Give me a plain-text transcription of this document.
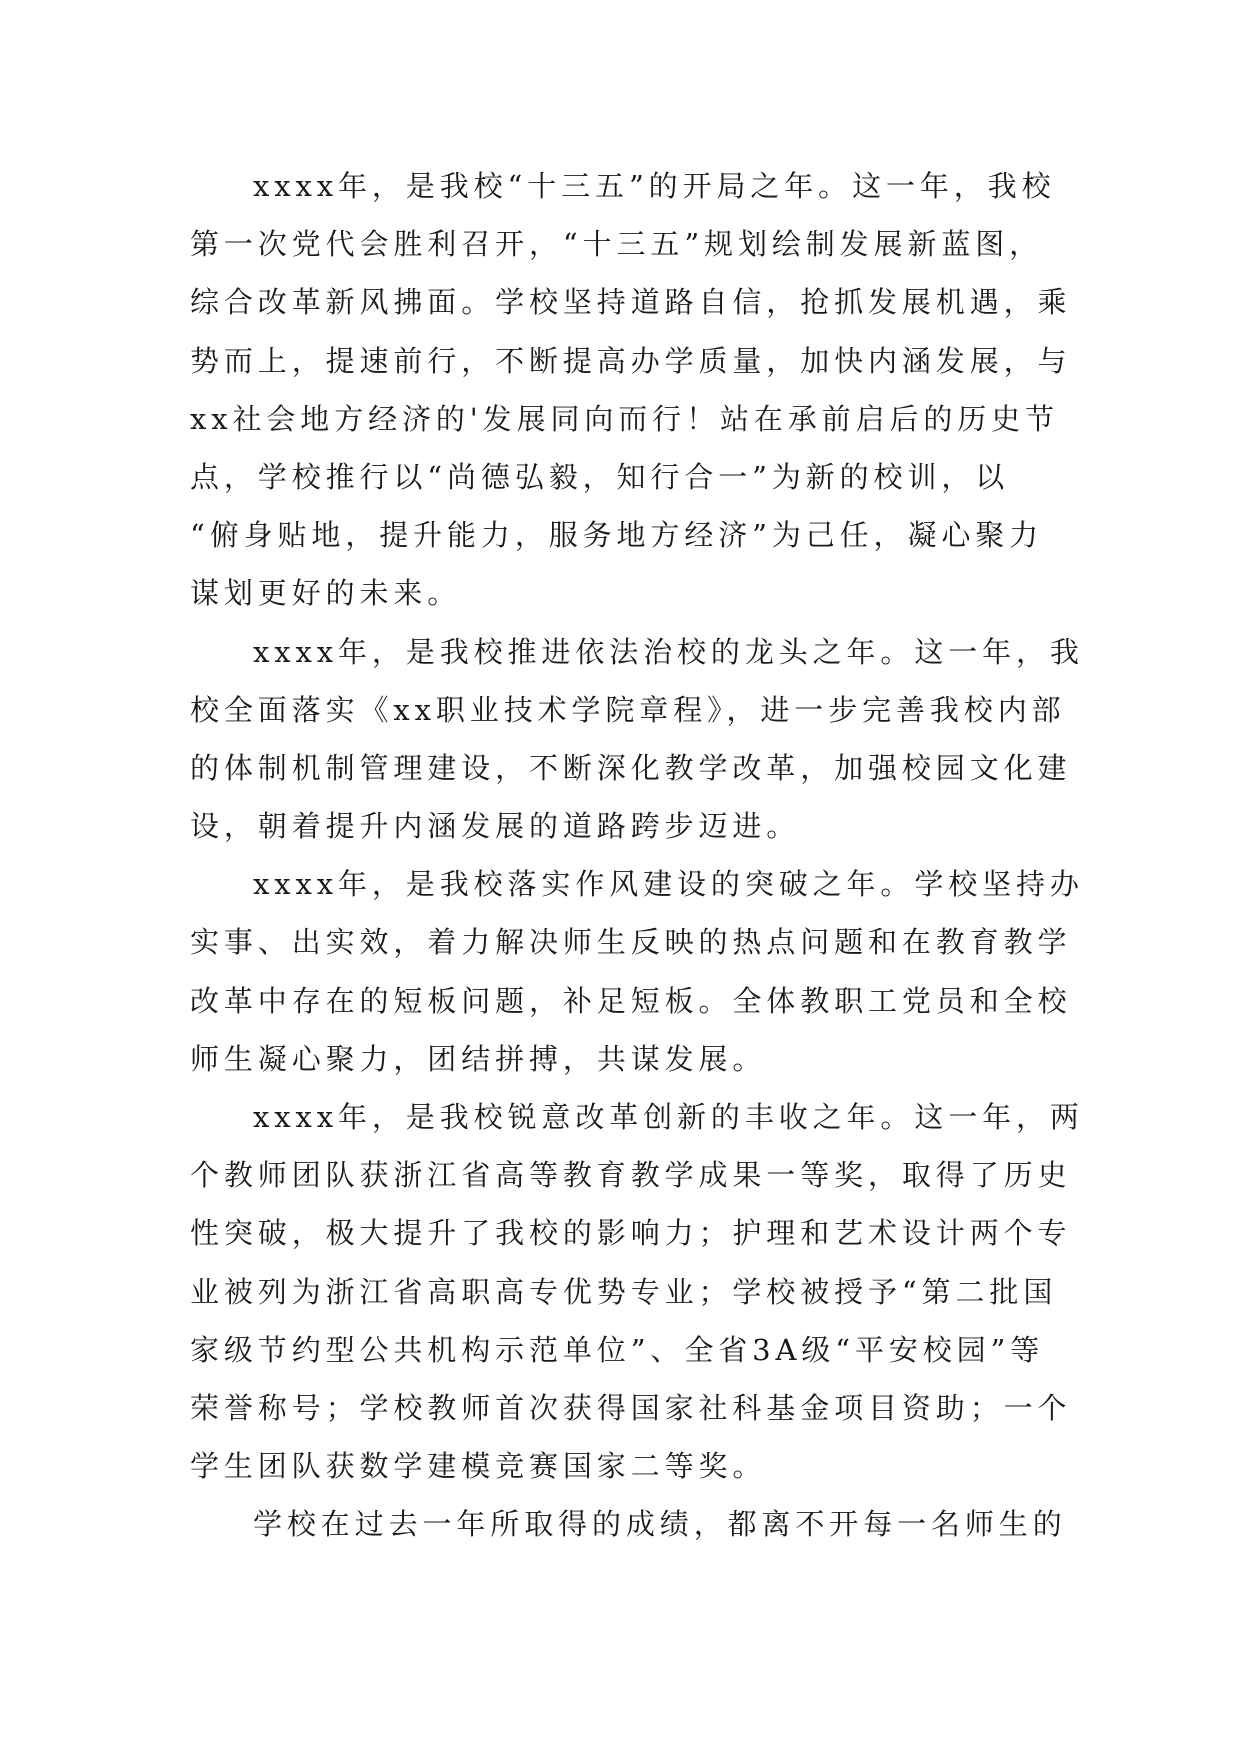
xxxx年，是我校“十三五”的开局之年。这一年，我校
第一次党代会胜利召开，“十三五”规划绘制发展新蓝图，
综合改革新风拂面。学校坚持道路自信，抢抓发展机遇，乘
势而上，提速前行，不断提高办学质量，加快内涵发展，与
xx社会地方经济的'发展同向而行！站在承前启后的历史节
点，学校推行以“尚德弘毅，知行合一”为新的校训，以
“俯身贴地，提升能力，服务地方经济”为己任，凝心聚力
谋划更好的未来。
xxxx年，是我校推进依法治校的龙头之年。这一年，我
校全面落实《xx职业技术学院章程》，进一步完善我校内部
的体制机制管理建设，不断深化教学改革，加强校园文化建
设，朝着提升内涵发展的道路跨步迈进。
xxxx年，是我校落实作风建设的突破之年。学校坚持办
实事、出实效，着力解决师生反映的热点问题和在教育教学
改革中存在的短板问题，补足短板。全体教职工党员和全校
师生凝心聚力，团结拼搏，共谋发展。
xxxx年，是我校锐意改革创新的丰收之年。这一年，两
个教师团队获浙江省高等教育教学成果一等奖，取得了历史
性突破，极大提升了我校的影响力；护理和艺术设计两个专
业被列为浙江省高职高专优势专业；学校被授予“第二批国
家级节约型公共机构示范单位”、全省3A级“平安校园”等
荣誉称号；学校教师首次获得国家社科基金项目资助；一个
学生团队获数学建模竞赛国家二等奖。
学校在过去一年所取得的成绩，都离不开每一名师生的
